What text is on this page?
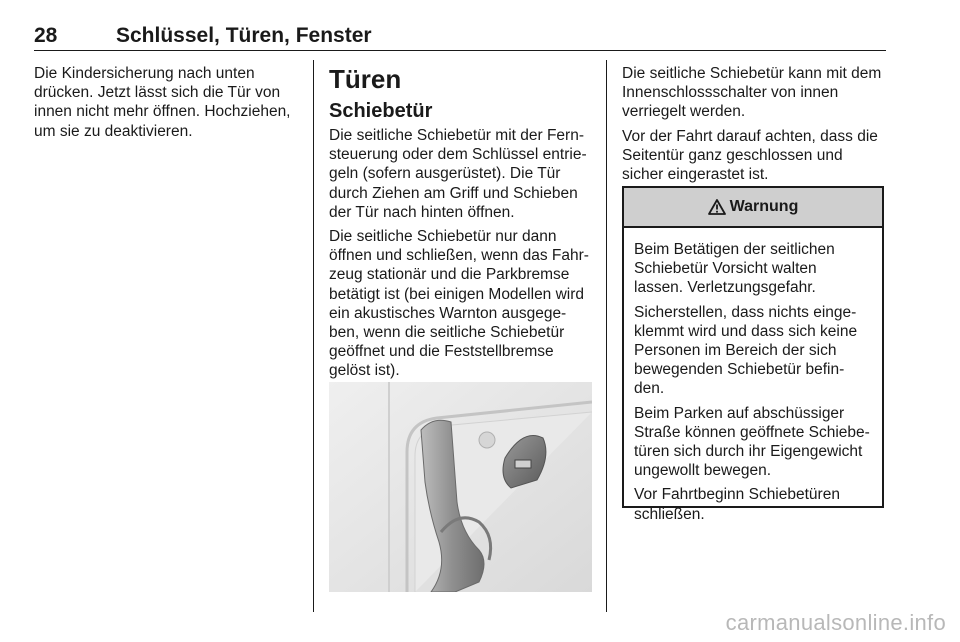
28	Schlüssel, Türen, Fenster

Die Kindersicherung nach unten
drücken. Jetzt lässt sich die Tür von
innen nicht mehr öffnen. Hochziehen,
um sie zu deaktivieren.

Türen
Schiebetür

Die seitliche Schiebetür mit der Fern-
steuerung oder dem Schlüssel entrie-
geln (sofern ausgerüstet). Die Tür
durch Ziehen am Griff und Schieben
der Tür nach hinten öffnen.

Die seitliche Schiebetür nur dann
öffnen und schließen, wenn das Fahr-
zeug stationär und die Parkbremse
betätigt ist (bei einigen Modellen wird
ein akustisches Warnton ausgege-
ben, wenn die seitliche Schiebetür
geöffnet und die Feststellbremse
gelöst ist).

Die seitliche Schiebetür kann mit dem
Innenschlossschalter von innen
verriegelt werden.

Vor der Fahrt darauf achten, dass die
Seitentür ganz geschlossen und
sicher eingerastet ist.

Warnung

Beim Betätigen der seitlichen
Schiebetür Vorsicht walten
lassen. Verletzungsgefahr.

Sicherstellen, dass nichts einge-
klemmt wird und dass sich keine
Personen im Bereich der sich
bewegenden Schiebetür befin-
den.

Beim Parken auf abschüssiger
Straße können geöffnete Schiebe-
türen sich durch ihr Eigengewicht
ungewollt bewegen.

Vor Fahrtbeginn Schiebetüren
schließen.

carmanualsonline.info
